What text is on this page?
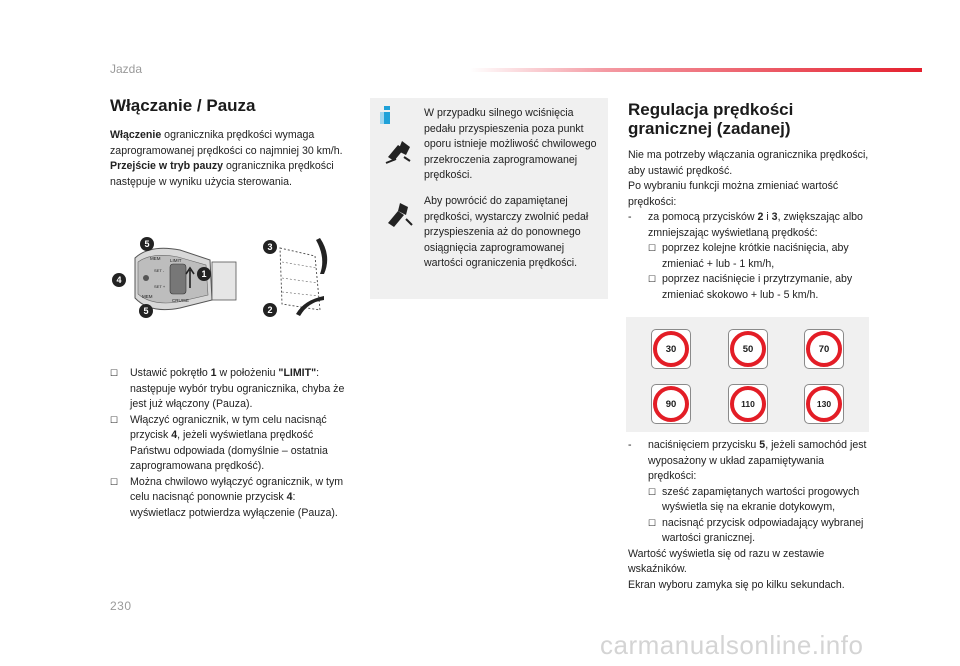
Jazda
Włączanie / Pauza
Włączenie ogranicznika prędkości wymaga zaprogramowanej prędkości co najmniej 30 km/h.
Przejście w tryb pauzy ogranicznika prędkości następuje w wyniku użycia sterowania.
MEM LIMIT
CRUISE
MEM
SET -
SET +
5
4
5
1
3
2
☐ Ustawić pokrętło 1 w położeniu "LIMIT": następuje wybór trybu ogranicznika, chyba że jest już włączony (Pauza).
☐ Włączyć ogranicznik, w tym celu nacisnąć przycisk 4, jeżeli wyświetlana prędkość Państwu odpowiada (domyślnie – ostatnia zaprogramowana prędkość).
☐ Można chwilowo wyłączyć ogranicznik, w tym celu nacisnąć ponownie przycisk 4: wyświetlacz potwierdza wyłączenie (Pauza).
W przypadku silnego wciśnięcia pedału przyspieszenia poza punkt oporu istnieje możliwość chwilowego przekroczenia zaprogramowanej prędkości.
Aby powrócić do zapamiętanej prędkości, wystarczy zwolnić pedał przyspieszenia aż do ponownego osiągnięcia zaprogramowanej wartości ograniczenia prędkości.
Regulacja prędkości
granicznej (zadanej)
Nie ma potrzeby włączania ogranicznika prędkości, aby ustawić prędkość.
Po wybraniu funkcji można zmieniać wartość prędkości:
- za pomocą przycisków 2 i 3, zwiększając albo zmniejszając wyświetlaną prędkość:
☐ poprzez kolejne krótkie naciśnięcia, aby zmieniać + lub - 1 km/h,
☐ poprzez naciśnięcie i przytrzymanie, aby zmieniać skokowo + lub - 5 km/h.
30	50	70
90	110	130
- naciśnięciem przycisku 5, jeżeli samochód jest wyposażony w układ zapamiętywania prędkości:
☐ sześć zapamiętanych wartości progowych wyświetla się na ekranie dotykowym,
☐ nacisnąć przycisk odpowiadający wybranej wartości granicznej.
Wartość wyświetla się od razu w zestawie wskaźników.
Ekran wyboru zamyka się po kilku sekundach.
230
carmanualsonline.info
